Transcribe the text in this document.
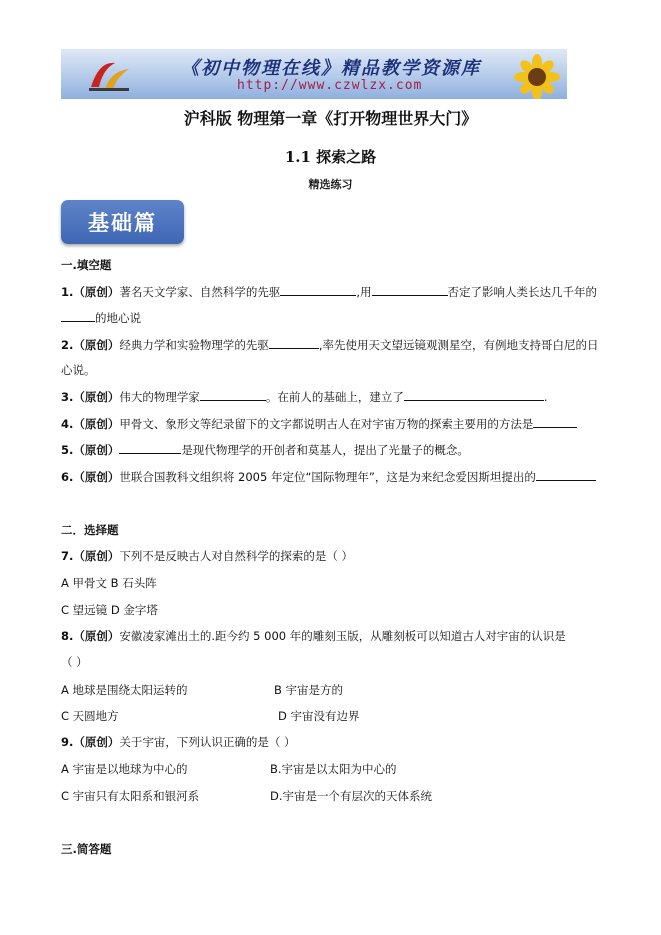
《初中物理在线》精品教学资源库
http://www.czwlzx.com
沪科版 物理第一章《打开物理世界大门》
1.1 探索之路
精选练习
基础篇
一.填空题
1.（原创）著名天文学家、自然科学的先驱	,用	否定了影响人类长达几千年的
的地心说
2.（原创）经典力学和实验物理学的先驱	,率先使用天文望远镜观测星空，有例地支持哥白尼的日
心说。
3.（原创）伟大的物理学家	。在前人的基础上，建立了	.
4.（原创）甲骨文、象形文等纪录留下的文字都说明古人在对宇宙万物的探索主要用的方法是
5.（原创）	是现代物理学的开创者和莫基人，提出了光量子的概念。
6.（原创）世联合国教科文组织将 2005 年定位“国际物理年”，这是为来纪念爱因斯坦提出的
二．选择题
7.（原创）下列不是反映古人对自然科学的探索的是（ ）
A 甲骨文 B 石头阵
C 望远镜 D 金字塔
8.（原创）安徽凌家滩出土的.距今约 5 000 年的雕刻玉版，从雕刻板可以知道古人对宇宙的认识是
（ ）
A 地球是围绕太阳运转的	B 宇宙是方的
C 天圆地方	D 宇宙没有边界
9.（原创）关于宇宙，下列认识正确的是（ ）
A 宇宙是以地球为中心的	B.宇宙是以太阳为中心的
C 宇宙只有太阳系和银河系	D.宇宙是一个有层次的天体系统
三.简答题
